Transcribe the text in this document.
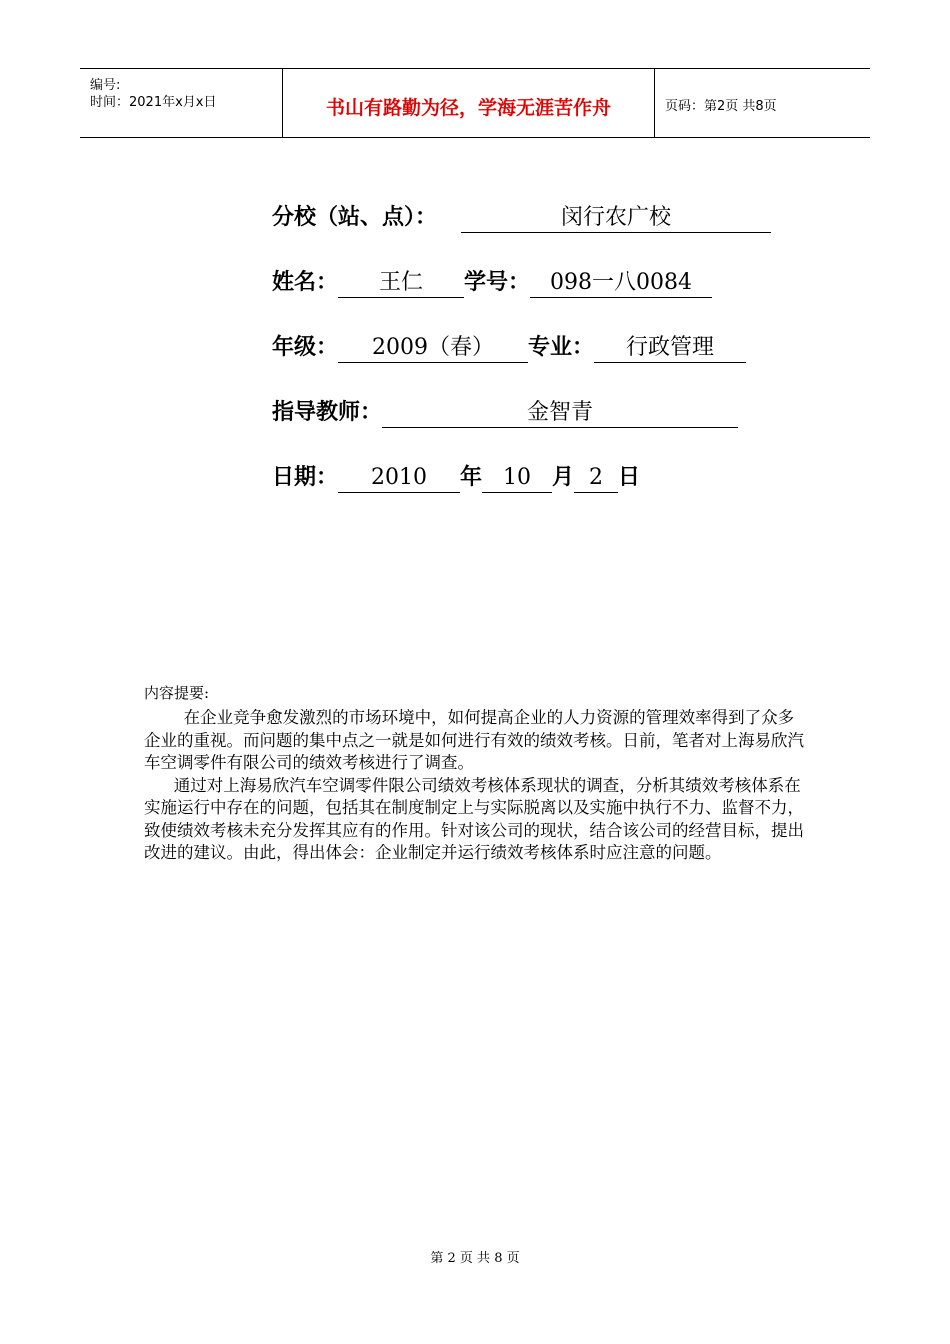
编号:
时间：2021年x月x日	书山有路勤为径，学海无涯苦作舟	页码：第2页 共8页
分校（站、点）：	闵行农广校
姓名： 王仁 学号： 098一八0084
年级： 2009（春） 专业： 行政管理
指导教师：	金智青
日期： 2010 年 10 月 2 日
内容提要:

在企业竞争愈发激烈的市场环境中，如何提高企业的人力资源的管理效率得到了众多企业的重视。而问题的集中点之一就是如何进行有效的绩效考核。日前，笔者对上海易欣汽车空调零件有限公司的绩效考核进行了调查。

通过对上海易欣汽车空调零件限公司绩效考核体系现状的调查，分析其绩效考核体系在实施运行中存在的问题，包括其在制度制定上与实际脱离以及实施中执行不力、监督不力，致使绩效考核未充分发挥其应有的作用。针对该公司的现状，结合该公司的经营目标，提出改进的建议。由此，得出体会：企业制定并运行绩效考核体系时应注意的问题。

第 2 页 共 8 页
